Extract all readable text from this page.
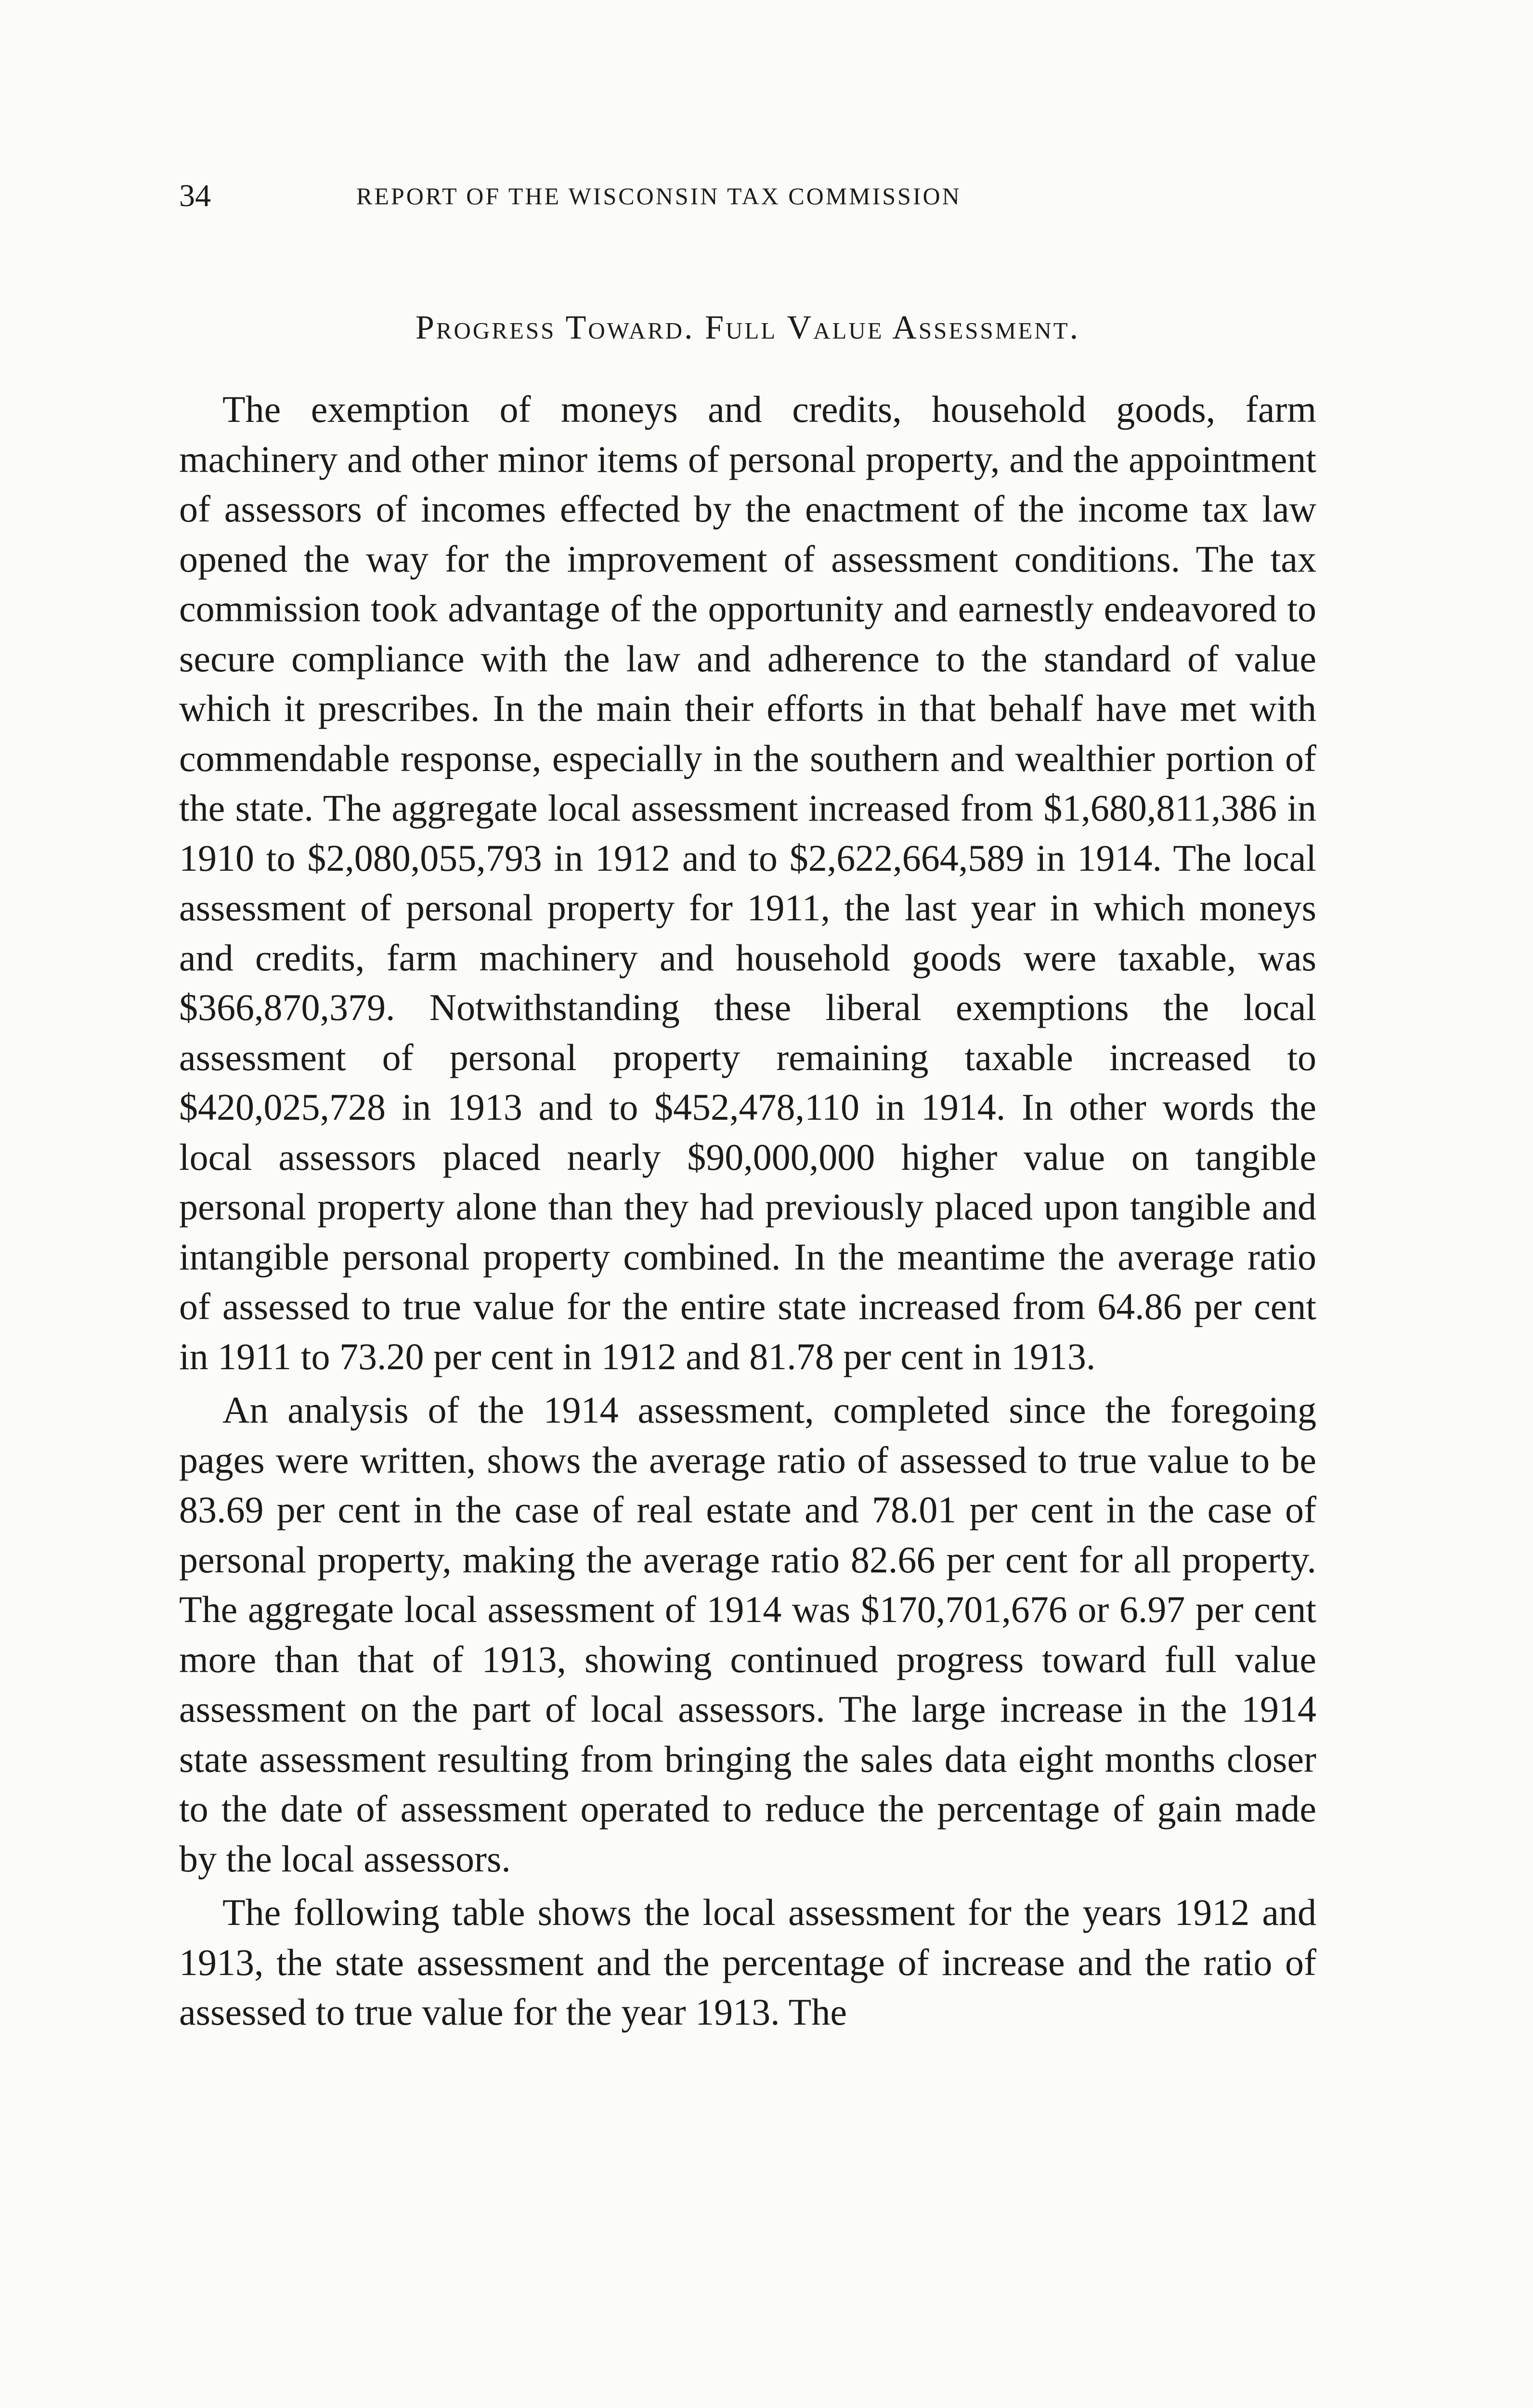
34	REPORT OF THE WISCONSIN TAX COMMISSION
Progress Toward. Full Value Assessment.

The exemption of moneys and credits, household goods, farm machinery and other minor items of personal property, and the appointment of assessors of incomes effected by the enactment of the income tax law opened the way for the improvement of assessment conditions. The tax commission took advantage of the opportunity and earnestly endeavored to secure compliance with the law and adherence to the standard of value which it prescribes. In the main their efforts in that behalf have met with commendable response, especially in the southern and wealthier portion of the state. The aggregate local assessment increased from $1,680,811,386 in 1910 to $2,080,055,793 in 1912 and to $2,622,664,589 in 1914. The local assessment of personal property for 1911, the last year in which moneys and credits, farm machinery and household goods were taxable, was $366,870,379. Notwithstanding these liberal exemptions the local assessment of personal property remaining taxable increased to $420,025,728 in 1913 and to $452,478,110 in 1914. In other words the local assessors placed nearly $90,000,000 higher value on tangible personal property alone than they had previously placed upon tangible and intangible personal property combined. In the meantime the average ratio of assessed to true value for the entire state increased from 64.86 per cent in 1911 to 73.20 per cent in 1912 and 81.78 per cent in 1913.

An analysis of the 1914 assessment, completed since the foregoing pages were written, shows the average ratio of assessed to true value to be 83.69 per cent in the case of real estate and 78.01 per cent in the case of personal property, making the average ratio 82.66 per cent for all property. The aggregate local assessment of 1914 was $170,701,676 or 6.97 per cent more than that of 1913, showing continued progress toward full value assessment on the part of local assessors. The large increase in the 1914 state assessment resulting from bringing the sales data eight months closer to the date of assessment operated to reduce the percentage of gain made by the local assessors.

The following table shows the local assessment for the years 1912 and 1913, the state assessment and the percentage of increase and the ratio of assessed to true value for the year 1913. The
